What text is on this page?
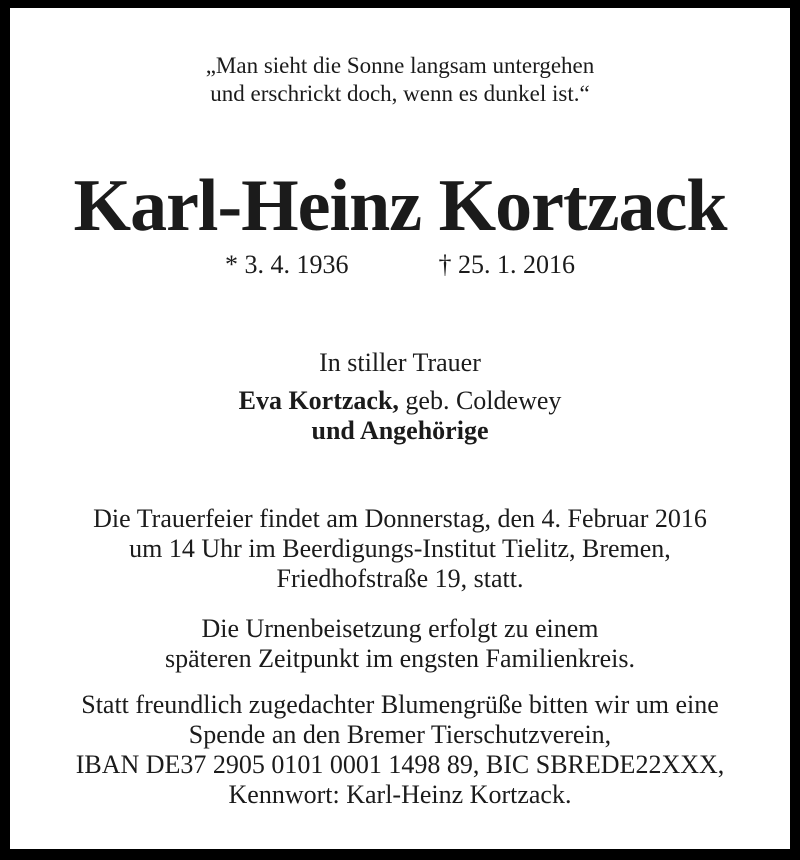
„Man sieht die Sonne langsam untergehen
und erschrickt doch, wenn es dunkel ist.“
Karl-Heinz Kortzack
* 3. 4. 1936	† 25. 1. 2016
In stiller Trauer
Eva Kortzack, geb. Coldewey
und Angehörige
Die Trauerfeier findet am Donnerstag, den 4. Februar 2016
um 14 Uhr im Beerdigungs-Institut Tielitz, Bremen,
Friedhofstraße 19, statt.
Die Urnenbeisetzung erfolgt zu einem
späteren Zeitpunkt im engsten Familienkreis.
Statt freundlich zugedachter Blumengrüße bitten wir um eine
Spende an den Bremer Tierschutzverein,
IBAN DE37 2905 0101 0001 1498 89, BIC SBREDE22XXX,
Kennwort: Karl-Heinz Kortzack.
